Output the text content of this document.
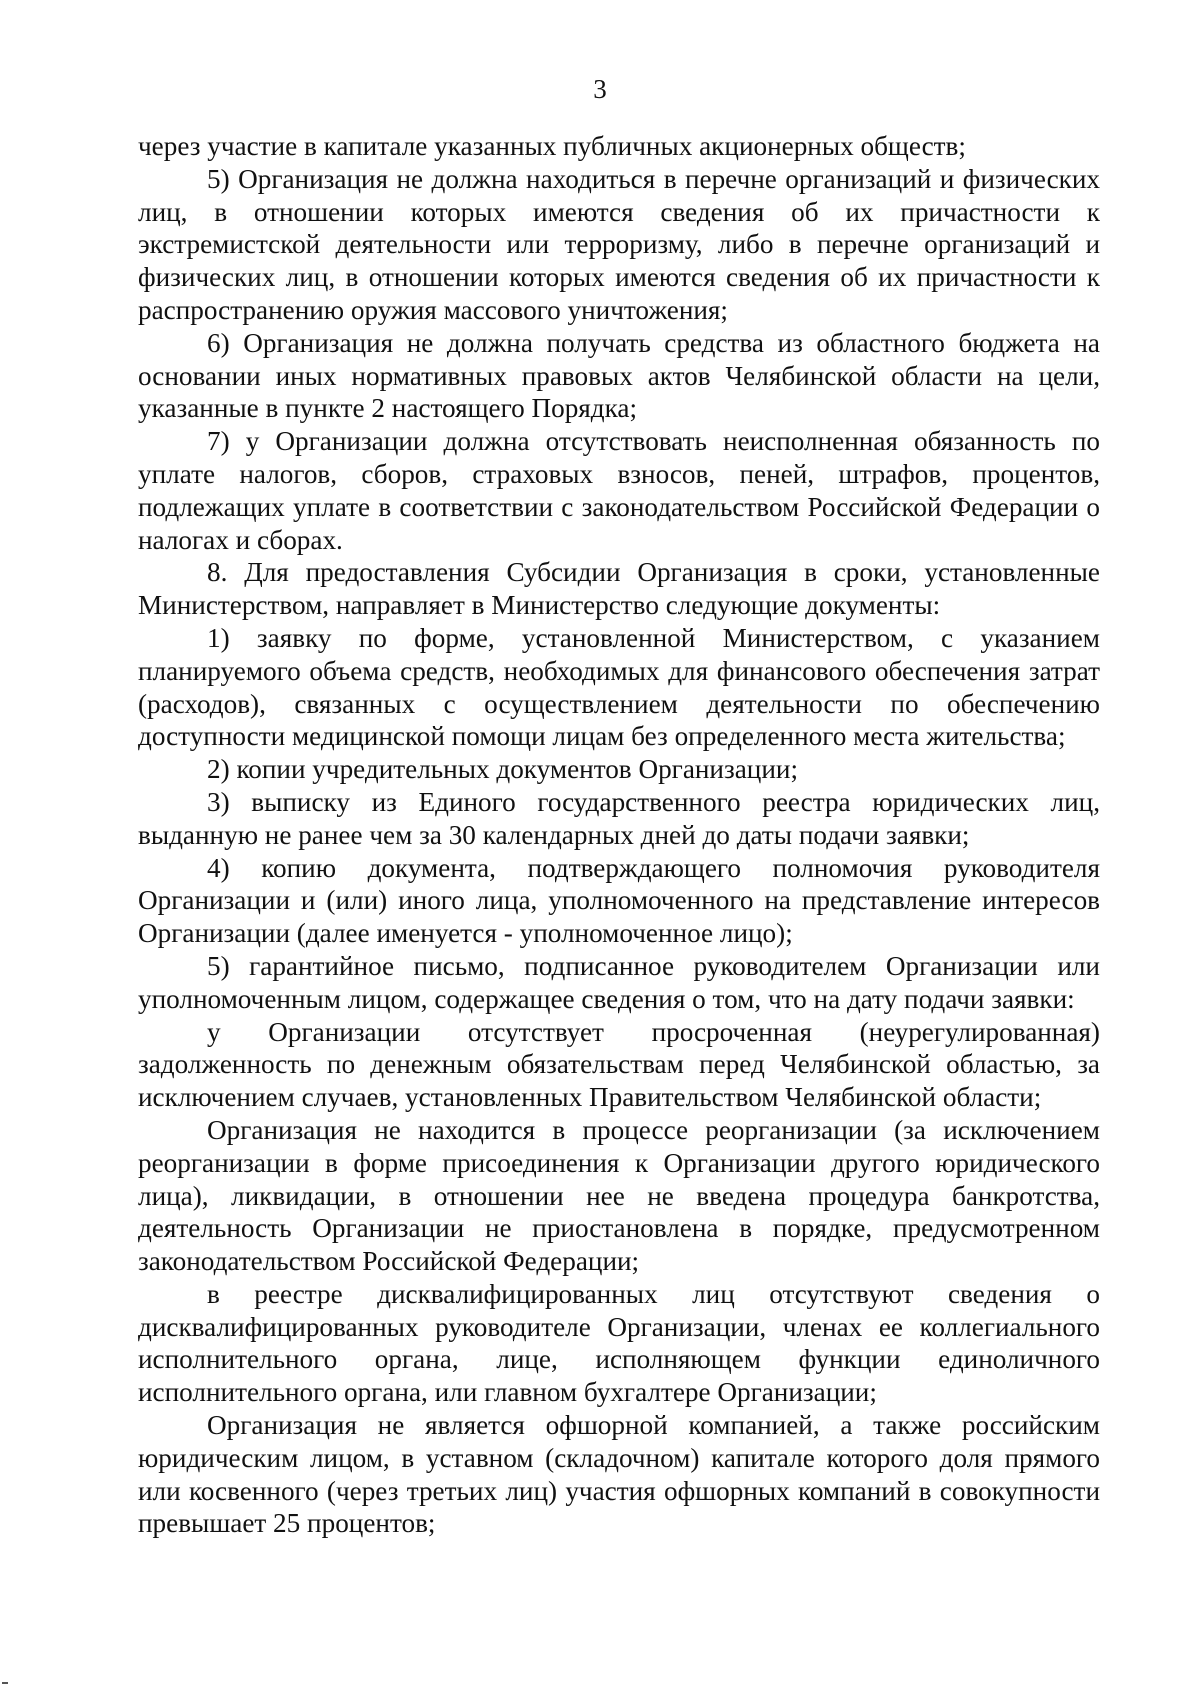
3

через участие в капитале указанных публичных акционерных обществ;

5) Организация не должна находиться в перечне организаций и физических лиц, в отношении которых имеются сведения об их причастности к экстремистской деятельности или терроризму, либо в перечне организаций и физических лиц, в отношении которых имеются сведения об их причастности к распространению оружия массового уничтожения;

6) Организация не должна получать средства из областного бюджета на основании иных нормативных правовых актов Челябинской области на цели, указанные в пункте 2 настоящего Порядка;

7) у Организации должна отсутствовать неисполненная обязанность по уплате налогов, сборов, страховых взносов, пеней, штрафов, процентов, подлежащих уплате в соответствии с законодательством Российской Федерации о налогах и сборах.

8. Для предоставления Субсидии Организация в сроки, установленные Министерством, направляет в Министерство следующие документы:

1) заявку по форме, установленной Министерством, с указанием планируемого объема средств, необходимых для финансового обеспечения затрат (расходов), связанных с осуществлением деятельности по обеспечению доступности медицинской помощи лицам без определенного места жительства;

2) копии учредительных документов Организации;

3) выписку из Единого государственного реестра юридических лиц, выданную не ранее чем за 30 календарных дней до даты подачи заявки;

4) копию документа, подтверждающего полномочия руководителя Организации и (или) иного лица, уполномоченного на представление интересов Организации (далее именуется - уполномоченное лицо);

5) гарантийное письмо, подписанное руководителем Организации или уполномоченным лицом, содержащее сведения о том, что на дату подачи заявки:

у Организации отсутствует просроченная (неурегулированная) задолженность по денежным обязательствам перед Челябинской областью, за исключением случаев, установленных Правительством Челябинской области;

Организация не находится в процессе реорганизации (за исключением реорганизации в форме присоединения к Организации другого юридического лица), ликвидации, в отношении нее не введена процедура банкротства, деятельность Организации не приостановлена в порядке, предусмотренном законодательством Российской Федерации;

в реестре дисквалифицированных лиц отсутствуют сведения о дисквалифицированных руководителе Организации, членах ее коллегиального исполнительного органа, лице, исполняющем функции единоличного исполнительного органа, или главном бухгалтере Организации;

Организация не является офшорной компанией, а также российским юридическим лицом, в уставном (складочном) капитале которого доля прямого или косвенного (через третьих лиц) участия офшорных компаний в совокупности превышает 25 процентов;
